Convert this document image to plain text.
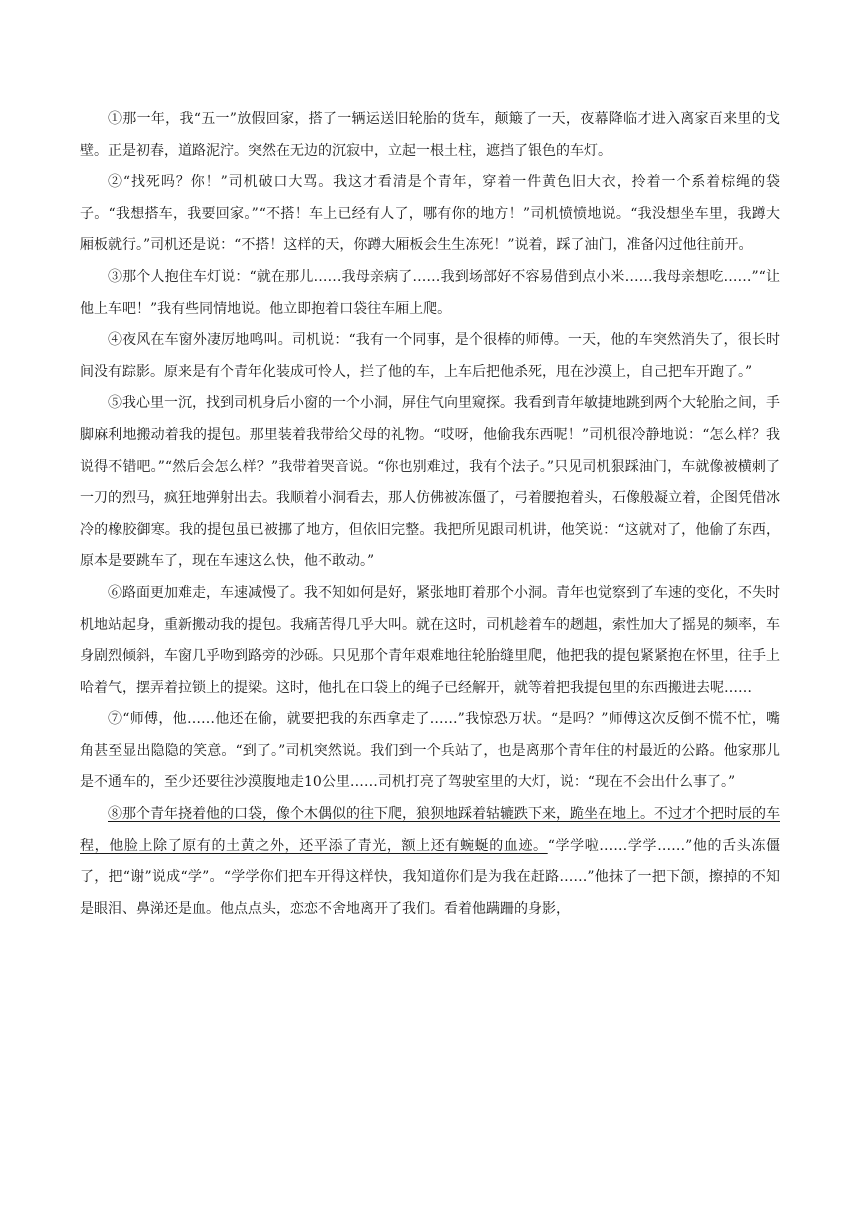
①那一年，我“五一”放假回家，搭了一辆运送旧轮胎的货车，颠簸了一天，夜幕降临才进入离家百来里的戈壁。正是初春，道路泥泞。突然在无边的沉寂中，立起一根土柱，遮挡了银色的车灯。

②“找死吗？你！”司机破口大骂。我这才看清是个青年，穿着一件黄色旧大衣，拎着一个系着棕绳的袋子。“我想搭车，我要回家。”“不搭！车上已经有人了，哪有你的地方！”司机愤愤地说。“我没想坐车里，我蹲大厢板就行。”司机还是说：“不搭！这样的天，你蹲大厢板会生生冻死！”说着，踩了油门，准备闪过他往前开。

③那个人抱住车灯说：“就在那儿……我母亲病了……我到场部好不容易借到点小米……我母亲想吃……”“让他上车吧！”我有些同情地说。他立即抱着口袋往车厢上爬。

④夜风在车窗外凄厉地鸣叫。司机说：“我有一个同事，是个很棒的师傅。一天，他的车突然消失了，很长时间没有踪影。原来是有个青年化装成可怜人，拦了他的车，上车后把他杀死，甩在沙漠上，自己把车开跑了。”

⑤我心里一沉，找到司机身后小窗的一个小洞，屏住气向里窥探。我看到青年敏捷地跳到两个大轮胎之间，手脚麻利地搬动着我的提包。那里装着我带给父母的礼物。“哎呀，他偷我东西呢！”司机很冷静地说：“怎么样？我说得不错吧。”“然后会怎么样？”我带着哭音说。“你也别难过，我有个法子。”只见司机狠踩油门，车就像被横刺了一刀的烈马，疯狂地弹射出去。我顺着小洞看去，那人仿佛被冻僵了，弓着腰抱着头，石像般凝立着，企图凭借冰冷的橡胶御寒。我的提包虽已被挪了地方，但依旧完整。我把所见跟司机讲，他笑说：“这就对了，他偷了东西，原本是要跳车了，现在车速这么快，他不敢动。”

⑥路面更加难走，车速减慢了。我不知如何是好，紧张地盯着那个小洞。青年也觉察到了车速的变化，不失时机地站起身，重新搬动我的提包。我痛苦得几乎大叫。就在这时，司机趁着车的趔趄，索性加大了摇晃的频率，车身剧烈倾斜，车窗几乎吻到路旁的沙砾。只见那个青年艰难地往轮胎缝里爬，他把我的提包紧紧抱在怀里，往手上哈着气，摆弄着拉锁上的提梁。这时，他扎在口袋上的绳子已经解开，就等着把我提包里的东西搬进去呢……

⑦“师傅，他……他还在偷，就要把我的东西拿走了……”我惊恐万状。“是吗？”师傅这次反倒不慌不忙，嘴角甚至显出隐隐的笑意。“到了。”司机突然说。我们到一个兵站了，也是离那个青年住的村最近的公路。他家那儿是不通车的，至少还要往沙漠腹地走10公里……司机打亮了驾驶室里的大灯，说：“现在不会出什么事了。”

⑧那个青年挠着他的口袋，像个木偶似的往下爬，狼狈地踩着轱辘跌下来，跪坐在地上。不过才个把时辰的车程，他脸上除了原有的土黄之外，还平添了青光，额上还有蜿蜒的血迹。“学学啦……学学……”他的舌头冻僵了，把“谢”说成“学”。“学学你们把车开得这样快，我知道你们是为我在赶路……”他抹了一把下颌，擦掉的不知是眼泪、鼻涕还是血。他点点头，恋恋不舍地离开了我们。看着他蹒跚的身影，
